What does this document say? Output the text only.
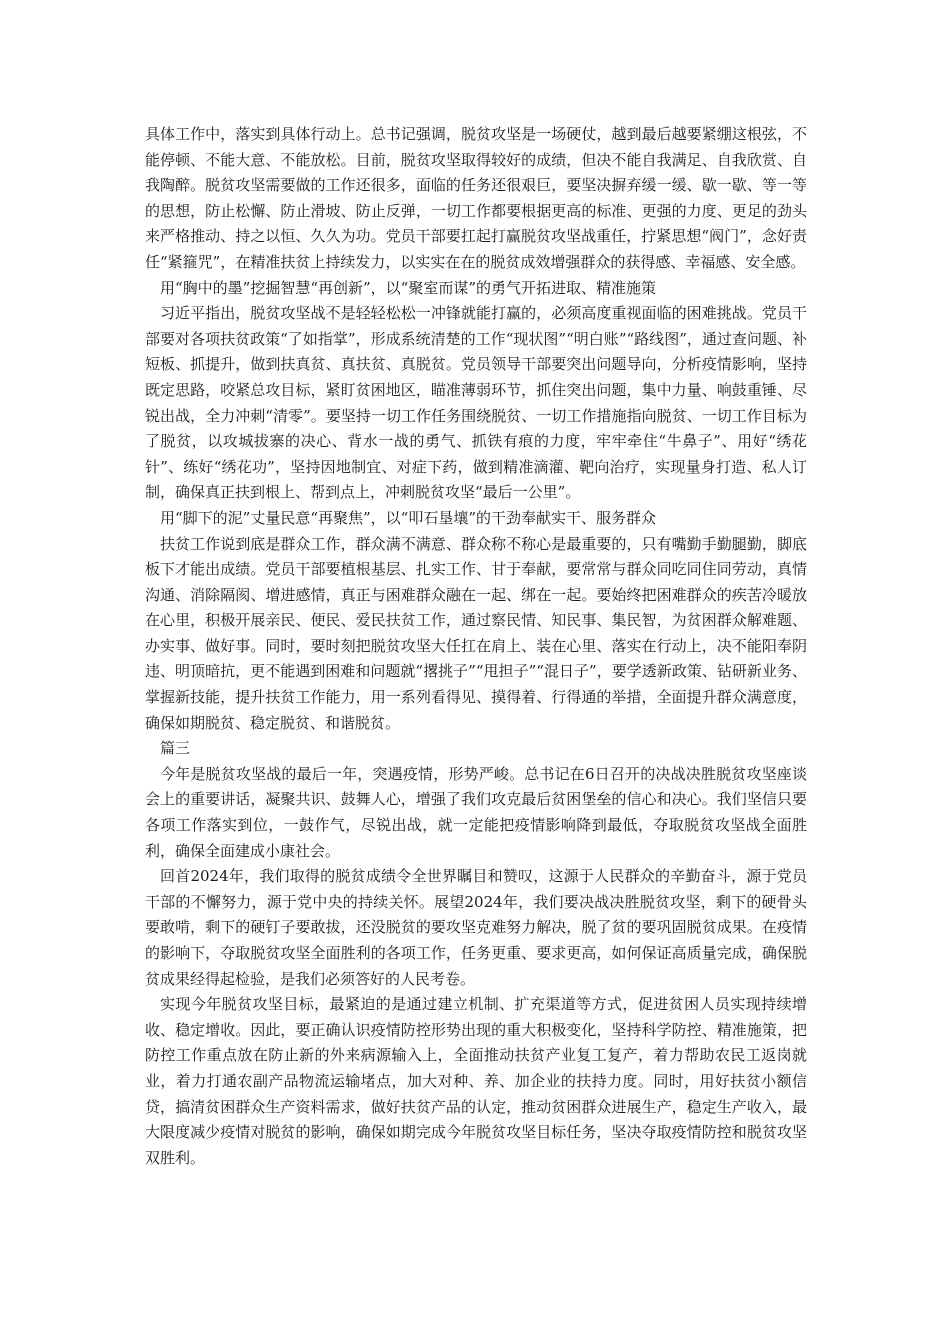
具体工作中，落实到具体行动上。总书记强调，脱贫攻坚是一场硬仗，越到最后越要紧绷这根弦，不能停顿、不能大意、不能放松。目前，脱贫攻坚取得较好的成绩，但决不能自我满足、自我欣赏、自我陶醉。脱贫攻坚需要做的工作还很多，面临的任务还很艰巨，要坚决摒弃缓一缓、歇一歇、等一等的思想，防止松懈、防止滑坡、防止反弹，一切工作都要根据更高的标准、更强的力度、更足的劲头来严格推动、持之以恒、久久为功。党员干部要扛起打赢脱贫攻坚战重任，拧紧思想“阀门”，念好责任“紧箍咒”，在精准扶贫上持续发力，以实实在在的脱贫成效增强群众的获得感、幸福感、安全感。

用“胸中的墨”挖掘智慧“再创新”，以“聚室而谋”的勇气开拓进取、精准施策

习近平指出，脱贫攻坚战不是轻轻松松一冲锋就能打赢的，必须高度重视面临的困难挑战。党员干部要对各项扶贫政策“了如指掌”，形成系统清楚的工作“现状图”“明白账”“路线图”，通过查问题、补短板、抓提升，做到扶真贫、真扶贫、真脱贫。党员领导干部要突出问题导向，分析疫情影响，坚持既定思路，咬紧总攻目标，紧盯贫困地区，瞄准薄弱环节，抓住突出问题，集中力量、响鼓重锤、尽锐出战，全力冲刺“清零”。要坚持一切工作任务围绕脱贫、一切工作措施指向脱贫、一切工作目标为了脱贫，以攻城拔寨的决心、背水一战的勇气、抓铁有痕的力度，牢牢牵住“牛鼻子”、用好“绣花针”、练好“绣花功”，坚持因地制宜、对症下药，做到精准滴灌、靶向治疗，实现量身打造、私人订制，确保真正扶到根上、帮到点上，冲刺脱贫攻坚“最后一公里”。

用“脚下的泥”丈量民意“再聚焦”，以“叩石垦壤”的干劲奉献实干、服务群众

扶贫工作说到底是群众工作，群众满不满意、群众称不称心是最重要的，只有嘴勤手勤腿勤，脚底板下才能出成绩。党员干部要植根基层、扎实工作、甘于奉献，要常常与群众同吃同住同劳动，真情沟通、消除隔阂、增进感情，真正与困难群众融在一起、绑在一起。要始终把困难群众的疾苦冷暖放在心里，积极开展亲民、便民、爱民扶贫工作，通过察民情、知民事、集民智，为贫困群众解难题、办实事、做好事。同时，要时刻把脱贫攻坚大任扛在肩上、装在心里、落实在行动上，决不能阳奉阴违、明顶暗抗，更不能遇到困难和问题就“撂挑子”“甩担子”“混日子”，要学透新政策、钻研新业务、掌握新技能，提升扶贫工作能力，用一系列看得见、摸得着、行得通的举措，全面提升群众满意度，确保如期脱贫、稳定脱贫、和谐脱贫。

篇三

今年是脱贫攻坚战的最后一年，突遇疫情，形势严峻。总书记在6日召开的决战决胜脱贫攻坚座谈会上的重要讲话，凝聚共识、鼓舞人心，增强了我们攻克最后贫困堡垒的信心和决心。我们坚信只要各项工作落实到位，一鼓作气，尽锐出战，就一定能把疫情影响降到最低，夺取脱贫攻坚战全面胜利，确保全面建成小康社会。

回首2024年，我们取得的脱贫成绩令全世界瞩目和赞叹，这源于人民群众的辛勤奋斗，源于党员干部的不懈努力，源于党中央的持续关怀。展望2024年，我们要决战决胜脱贫攻坚，剩下的硬骨头要敢啃，剩下的硬钉子要敢拔，还没脱贫的要攻坚克难努力解决，脱了贫的要巩固脱贫成果。在疫情的影响下，夺取脱贫攻坚全面胜利的各项工作，任务更重、要求更高，如何保证高质量完成，确保脱贫成果经得起检验，是我们必须答好的人民考卷。

实现今年脱贫攻坚目标，最紧迫的是通过建立机制、扩充渠道等方式，促进贫困人员实现持续增收、稳定增收。因此，要正确认识疫情防控形势出现的重大积极变化，坚持科学防控、精准施策，把防控工作重点放在防止新的外来病源输入上，全面推动扶贫产业复工复产，着力帮助农民工返岗就业，着力打通农副产品物流运输堵点，加大对种、养、加企业的扶持力度。同时，用好扶贫小额信贷，搞清贫困群众生产资料需求，做好扶贫产品的认定，推动贫困群众进展生产，稳定生产收入，最大限度减少疫情对脱贫的影响，确保如期完成今年脱贫攻坚目标任务，坚决夺取疫情防控和脱贫攻坚双胜利。
